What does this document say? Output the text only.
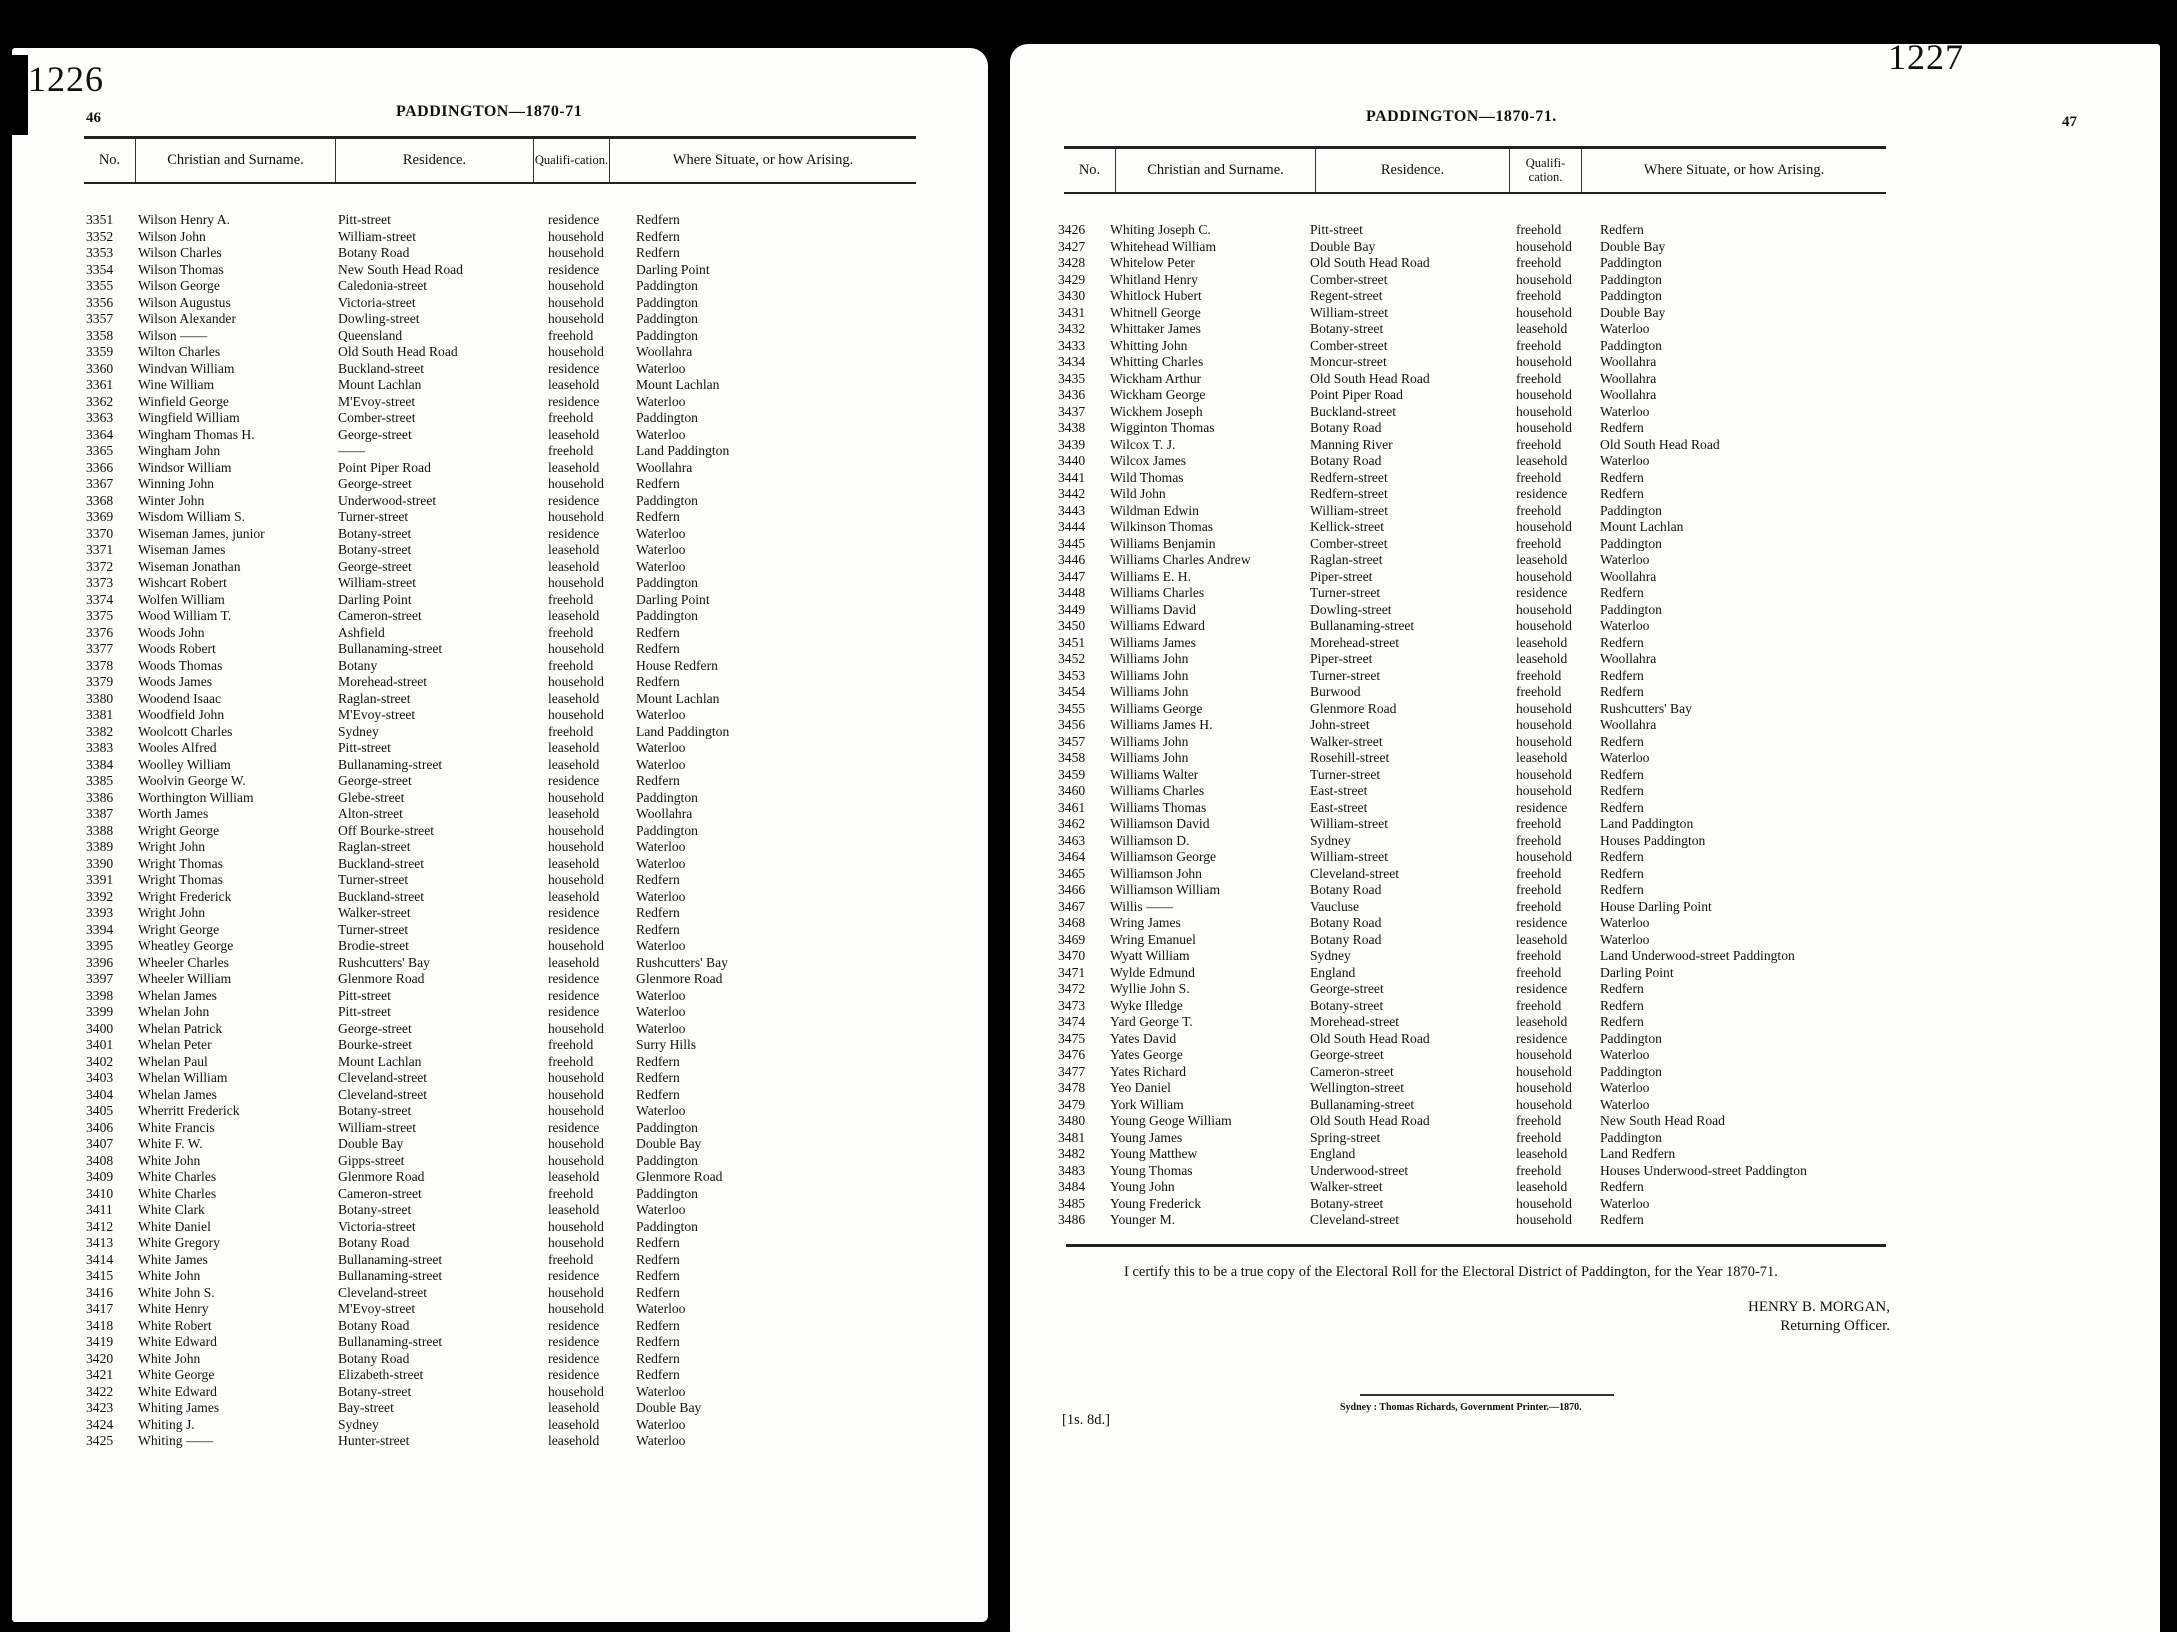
46	PADDINGTON—1870-71
No.	Christian and Surname.	Residence.	Qualifi-cation.	Where Situate, or how Arising.
3351	Wilson Henry A.	Pitt-street	residence	Redfern
3352	Wilson John	William-street	household	Redfern
3353	Wilson Charles	Botany Road	household	Redfern
3354	Wilson Thomas	New South Head Road	residence	Darling Point
3355	Wilson George	Caledonia-street	household	Paddington
3356	Wilson Augustus	Victoria-street	household	Paddington
3357	Wilson Alexander	Dowling-street	household	Paddington
3358	Wilson ——	Queensland	freehold	Paddington
3359	Wilton Charles	Old South Head Road	household	Woollahra
3360	Windvan William	Buckland-street	residence	Waterloo
3361	Wine William	Mount Lachlan	leasehold	Mount Lachlan
3362	Winfield George	M'Evoy-street	residence	Waterloo
3363	Wingfield William	Comber-street	freehold	Paddington
3364	Wingham Thomas H.	George-street	leasehold	Waterloo
3365	Wingham John	——	freehold	Land Paddington
3366	Windsor William	Point Piper Road	leasehold	Woollahra
3367	Winning John	George-street	household	Redfern
3368	Winter John	Underwood-street	residence	Paddington
3369	Wisdom William S.	Turner-street	household	Redfern
3370	Wiseman James, junior	Botany-street	residence	Waterloo
3371	Wiseman James	Botany-street	leasehold	Waterloo
3372	Wiseman Jonathan	George-street	leasehold	Waterloo
3373	Wishcart Robert	William-street	household	Paddington
3374	Wolfen William	Darling Point	freehold	Darling Point
3375	Wood William T.	Cameron-street	leasehold	Paddington
3376	Woods John	Ashfield	freehold	Redfern
3377	Woods Robert	Bullanaming-street	household	Redfern
3378	Woods Thomas	Botany	freehold	House Redfern
3379	Woods James	Morehead-street	household	Redfern
3380	Woodend Isaac	Raglan-street	leasehold	Mount Lachlan
3381	Woodfield John	M'Evoy-street	household	Waterloo
3382	Woolcott Charles	Sydney	freehold	Land Paddington
3383	Wooles Alfred	Pitt-street	leasehold	Waterloo
3384	Woolley William	Bullanaming-street	leasehold	Waterloo
3385	Woolvin George W.	George-street	residence	Redfern
3386	Worthington William	Glebe-street	household	Paddington
3387	Worth James	Alton-street	leasehold	Woollahra
3388	Wright George	Off Bourke-street	household	Paddington
3389	Wright John	Raglan-street	household	Waterloo
3390	Wright Thomas	Buckland-street	leasehold	Waterloo
3391	Wright Thomas	Turner-street	household	Redfern
3392	Wright Frederick	Buckland-street	leasehold	Waterloo
3393	Wright John	Walker-street	residence	Redfern
3394	Wright George	Turner-street	residence	Redfern
3395	Wheatley George	Brodie-street	household	Waterloo
3396	Wheeler Charles	Rushcutters' Bay	leasehold	Rushcutters' Bay
3397	Wheeler William	Glenmore Road	residence	Glenmore Road
3398	Whelan James	Pitt-street	residence	Waterloo
3399	Whelan John	Pitt-street	residence	Waterloo
3400	Whelan Patrick	George-street	household	Waterloo
3401	Whelan Peter	Bourke-street	freehold	Surry Hills
3402	Whelan Paul	Mount Lachlan	freehold	Redfern
3403	Whelan William	Cleveland-street	household	Redfern
3404	Whelan James	Cleveland-street	household	Redfern
3405	Wherritt Frederick	Botany-street	household	Waterloo
3406	White Francis	William-street	residence	Paddington
3407	White F. W.	Double Bay	household	Double Bay
3408	White John	Gipps-street	household	Paddington
3409	White Charles	Glenmore Road	leasehold	Glenmore Road
3410	White Charles	Cameron-street	freehold	Paddington
3411	White Clark	Botany-street	leasehold	Waterloo
3412	White Daniel	Victoria-street	household	Paddington
3413	White Gregory	Botany Road	household	Redfern
3414	White James	Bullanaming-street	freehold	Redfern
3415	White John	Bullanaming-street	residence	Redfern
3416	White John S.	Cleveland-street	household	Redfern
3417	White Henry	M'Evoy-street	household	Waterloo
3418	White Robert	Botany Road	residence	Redfern
3419	White Edward	Bullanaming-street	residence	Redfern
3420	White John	Botany Road	residence	Redfern
3421	White George	Elizabeth-street	residence	Redfern
3422	White Edward	Botany-street	household	Waterloo
3423	Whiting James	Bay-street	leasehold	Double Bay
3424	Whiting J.	Sydney	leasehold	Waterloo
3425	Whiting ——	Hunter-street	leasehold	Waterloo
PADDINGTON—1870-71.	47
No.	Christian and Surname.	Residence.	Qualifi-cation.	Where Situate, or how Arising.
3426	Whiting Joseph C.	Pitt-street	freehold	Redfern
3427	Whitehead William	Double Bay	household	Double Bay
3428	Whitelow Peter	Old South Head Road	freehold	Paddington
3429	Whitland Henry	Comber-street	household	Paddington
3430	Whitlock Hubert	Regent-street	freehold	Paddington
3431	Whitnell George	William-street	household	Double Bay
3432	Whittaker James	Botany-street	leasehold	Waterloo
3433	Whitting John	Comber-street	freehold	Paddington
3434	Whitting Charles	Moncur-street	household	Woollahra
3435	Wickham Arthur	Old South Head Road	freehold	Woollahra
3436	Wickham George	Point Piper Road	household	Woollahra
3437	Wickhem Joseph	Buckland-street	household	Waterloo
3438	Wigginton Thomas	Botany Road	household	Redfern
3439	Wilcox T. J.	Manning River	freehold	Old South Head Road
3440	Wilcox James	Botany Road	leasehold	Waterloo
3441	Wild Thomas	Redfern-street	freehold	Redfern
3442	Wild John	Redfern-street	residence	Redfern
3443	Wildman Edwin	William-street	freehold	Paddington
3444	Wilkinson Thomas	Kellick-street	household	Mount Lachlan
3445	Williams Benjamin	Comber-street	freehold	Paddington
3446	Williams Charles Andrew	Raglan-street	leasehold	Waterloo
3447	Williams E. H.	Piper-street	household	Woollahra
3448	Williams Charles	Turner-street	residence	Redfern
3449	Williams David	Dowling-street	household	Paddington
3450	Williams Edward	Bullanaming-street	household	Waterloo
3451	Williams James	Morehead-street	leasehold	Redfern
3452	Williams John	Piper-street	leasehold	Woollahra
3453	Williams John	Turner-street	freehold	Redfern
3454	Williams John	Burwood	freehold	Redfern
3455	Williams George	Glenmore Road	household	Rushcutters' Bay
3456	Williams James H.	John-street	household	Woollahra
3457	Williams John	Walker-street	household	Redfern
3458	Williams John	Rosehill-street	leasehold	Waterloo
3459	Williams Walter	Turner-street	household	Redfern
3460	Williams Charles	East-street	household	Redfern
3461	Williams Thomas	East-street	residence	Redfern
3462	Williamson David	William-street	freehold	Land Paddington
3463	Williamson D.	Sydney	freehold	Houses Paddington
3464	Williamson George	William-street	household	Redfern
3465	Williamson John	Cleveland-street	freehold	Redfern
3466	Williamson William	Botany Road	freehold	Redfern
3467	Willis ——	Vaucluse	freehold	House Darling Point
3468	Wring James	Botany Road	residence	Waterloo
3469	Wring Emanuel	Botany Road	leasehold	Waterloo
3470	Wyatt William	Sydney	freehold	Land Underwood-street Paddington
3471	Wylde Edmund	England	freehold	Darling Point
3472	Wyllie John S.	George-street	residence	Redfern
3473	Wyke Illedge	Botany-street	freehold	Redfern
3474	Yard George T.	Morehead-street	leasehold	Redfern
3475	Yates David	Old South Head Road	residence	Paddington
3476	Yates George	George-street	household	Waterloo
3477	Yates Richard	Cameron-street	household	Paddington
3478	Yeo Daniel	Wellington-street	household	Waterloo
3479	York William	Bullanaming-street	household	Waterloo
3480	Young Geoge William	Old South Head Road	freehold	New South Head Road
3481	Young James	Spring-street	freehold	Paddington
3482	Young Matthew	England	leasehold	Land Redfern
3483	Young Thomas	Underwood-street	freehold	Houses Underwood-street Paddington
3484	Young John	Walker-street	leasehold	Redfern
3485	Young Frederick	Botany-street	household	Waterloo
3486	Younger M.	Cleveland-street	household	Redfern
I certify this to be a true copy of the Electoral Roll for the Electoral District of Paddington, for the Year 1870-71.
HENRY B. MORGAN,
Returning Officer.
Sydney : Thomas Richards, Government Printer.—1870.
[1s. 8d.]
1226
1227
